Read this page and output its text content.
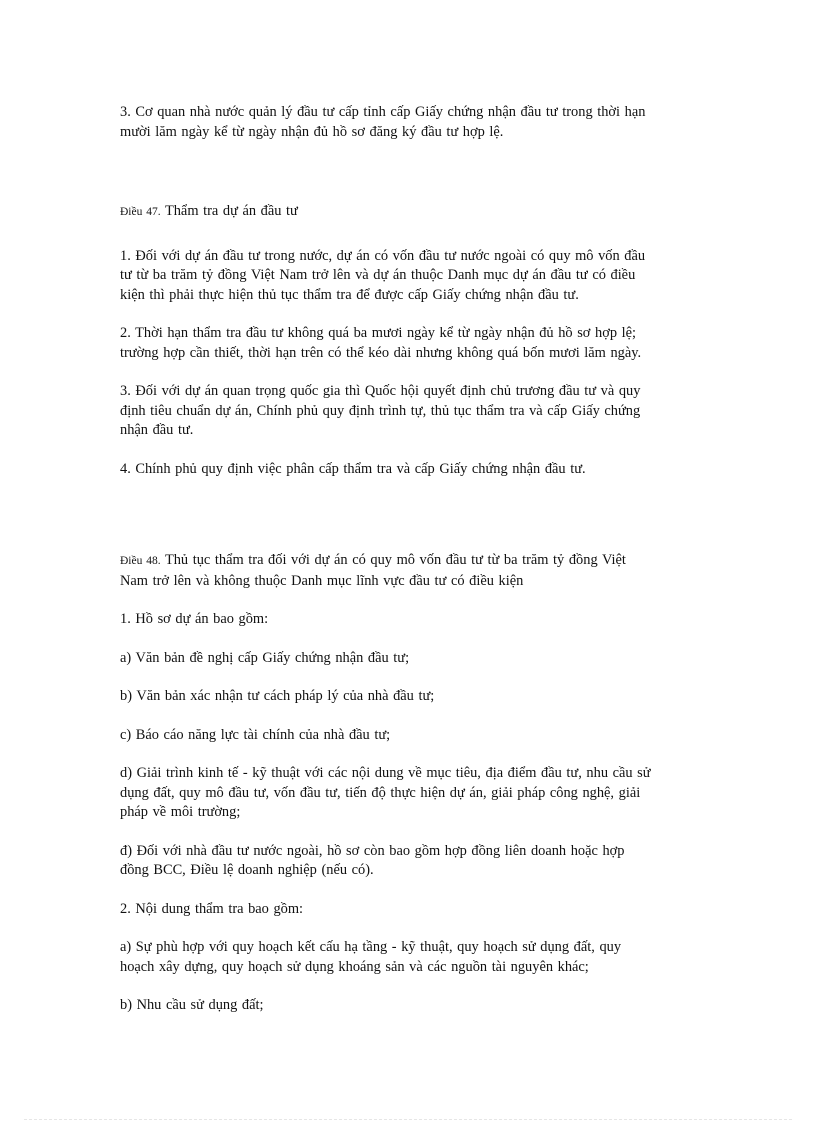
3. Cơ quan nhà nước quản lý đầu tư cấp tỉnh cấp Giấy chứng nhận đầu tư trong thời hạn
mười lăm ngày kể từ ngày nhận đủ hồ sơ đăng ký đầu tư hợp lệ.

Điều 47. Thẩm tra dự án đầu tư

1. Đối với dự án đầu tư trong nước, dự án có vốn đầu tư nước ngoài có quy mô vốn đầu
tư từ ba trăm tỷ đồng Việt Nam trở lên và dự án thuộc Danh mục dự án đầu tư có điều
kiện thì phải thực hiện thủ tục thẩm tra để được cấp Giấy chứng nhận đầu tư.

2. Thời hạn thẩm tra đầu tư không quá ba mươi ngày kể từ ngày nhận đủ hồ sơ hợp lệ;
trường hợp cần thiết, thời hạn trên có thể kéo dài nhưng không quá bốn mươi lăm ngày.

3. Đối với dự án quan trọng quốc gia thì Quốc hội quyết định chủ trương đầu tư và quy
định tiêu chuẩn dự án, Chính phủ quy định trình tự, thủ tục thẩm tra và cấp Giấy chứng
nhận đầu tư.

4. Chính phủ quy định việc phân cấp thẩm tra và cấp Giấy chứng nhận đầu tư.

Điều 48. Thủ tục thẩm tra đối với dự án có quy mô vốn đầu tư từ ba trăm tỷ đồng Việt
Nam trở lên và không thuộc Danh mục lĩnh vực đầu tư có điều kiện

1. Hồ sơ dự án bao gồm:

a) Văn bản đề nghị cấp Giấy chứng nhận đầu tư;

b) Văn bản xác nhận tư cách pháp lý của nhà đầu tư;

c) Báo cáo năng lực tài chính của nhà đầu tư;

d) Giải trình kinh tế - kỹ thuật với các nội dung về mục tiêu, địa điểm đầu tư, nhu cầu sử
dụng đất, quy mô đầu tư, vốn đầu tư, tiến độ thực hiện dự án, giải pháp công nghệ, giải
pháp về môi trường;

đ) Đối với nhà đầu tư nước ngoài, hồ sơ còn bao gồm hợp đồng liên doanh hoặc hợp
đồng BCC, Điều lệ doanh nghiệp (nếu có).

2. Nội dung thẩm tra bao gồm:

a) Sự phù hợp với quy hoạch kết cấu hạ tầng - kỹ thuật, quy hoạch sử dụng đất, quy
hoạch xây dựng, quy hoạch sử dụng khoáng sản và các nguồn tài nguyên khác;

b) Nhu cầu sử dụng đất;
